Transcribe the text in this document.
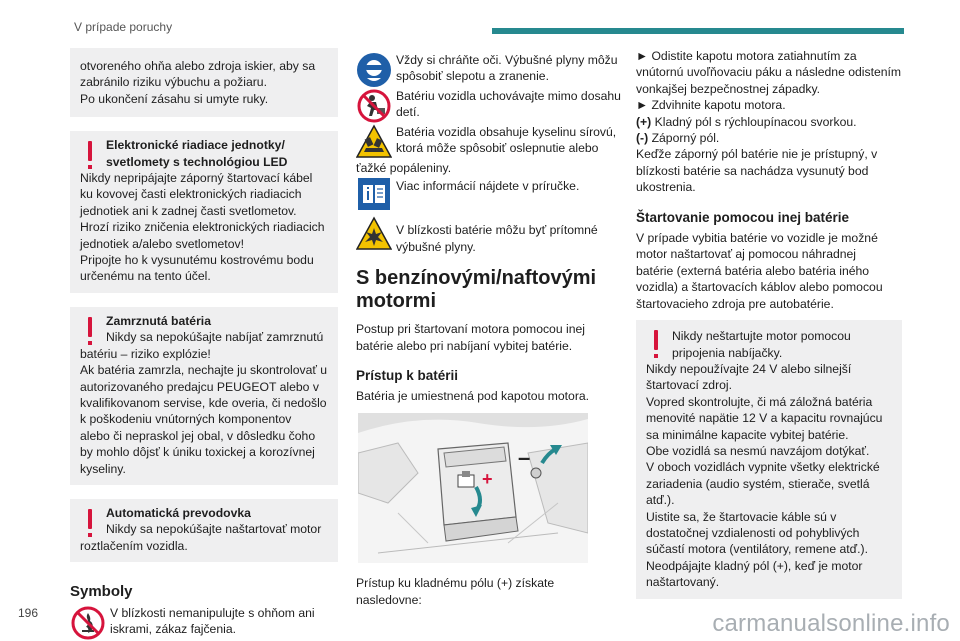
V prípade poruchy

otvoreného ohňa alebo zdroja iskier, aby sa

zabránilo riziku výbuchu a požiaru.

Po ukončení zásahu si umyte ruky.

Elektronické riadiace jednotky/

svetlomety s technológiou LED

Nikdy nepripájajte záporný štartovací kábel

ku kovovej časti elektronických riadiacich

jednotiek ani k zadnej časti svetlometov.

Hrozí riziko zničenia elektronických riadiacich

jednotiek a/alebo svetlometov!

Pripojte ho k vysunutému kostrovému bodu

určenému na tento účel.

Zamrznutá batéria

Nikdy sa nepokúšajte nabíjať zamrznutú

batériu – riziko explózie!

Ak batéria zamrzla, nechajte ju skontrolovať u

autorizovaného predajcu PEUGEOT alebo v

kvalifikovanom servise, kde overia, či nedošlo

k poškodeniu vnútorných komponentov

alebo či nepraskol jej obal, v dôsledku čoho

by mohlo dôjsť k úniku toxickej a korozívnej

kyseliny.

Automatická prevodovka

Nikdy sa nepokúšajte naštartovať motor

roztlačením vozidla.

Symboly

V blízkosti nemanipulujte s ohňom ani

iskrami, zákaz fajčenia.

Vždy si chráňte oči. Výbušné plyny môžu

spôsobiť slepotu a zranenie.

Batériu vozidla uchovávajte mimo dosahu

detí.

Batéria vozidla obsahuje kyselinu sírovú,

ktorá môže spôsobiť oslepnutie alebo

ťažké popáleniny.

Viac informácií nájdete v príručke.

V blízkosti batérie môžu byť prítomné

výbušné plyny.

S benzínovými/naftovými
motormi

Postup pri štartovaní motora pomocou inej

batérie alebo pri nabíjaní vybitej batérie.

Prístup k batérii

Batéria je umiestnená pod kapotou motora.

+
–

Prístup ku kladnému pólu (+) získate

nasledovne:

► Odistite kapotu motora zatiahnutím za

vnútornú uvoľňovaciu páku a následne odistením

vonkajšej bezpečnostnej západky.

► Zdvihnite kapotu motora.

(+) Kladný pól s rýchloupínacou svorkou.

(-) Záporný pól.

Keďže záporný pól batérie nie je prístupný, v

blízkosti batérie sa nachádza vysunutý bod

ukostrenia.

Štartovanie pomocou inej batérie

V prípade vybitia batérie vo vozidle je možné

motor naštartovať aj pomocou náhradnej

batérie (externá batéria alebo batéria iného

vozidla) a štartovacích káblov alebo pomocou

štartovacieho zdroja pre autobatérie.

Nikdy neštartujte motor pomocou

pripojenia nabíjačky.

Nikdy nepoužívajte 24 V alebo silnejší

štartovací zdroj.

Vopred skontrolujte, či má záložná batéria

menovité napätie 12 V a kapacitu rovnajúcu

sa minimálne kapacite vybitej batérie.

Obe vozidlá sa nesmú navzájom dotýkať.

V oboch vozidlách vypnite všetky elektrické

zariadenia (audio systém, stierače, svetlá

atď.).

Uistite sa, že štartovacie káble sú v

dostatočnej vzdialenosti od pohyblivých

súčastí motora (ventilátory, remene atď.).

Neodpájajte kladný pól (+), keď je motor

naštartovaný.

196	carmanualsonline.info
